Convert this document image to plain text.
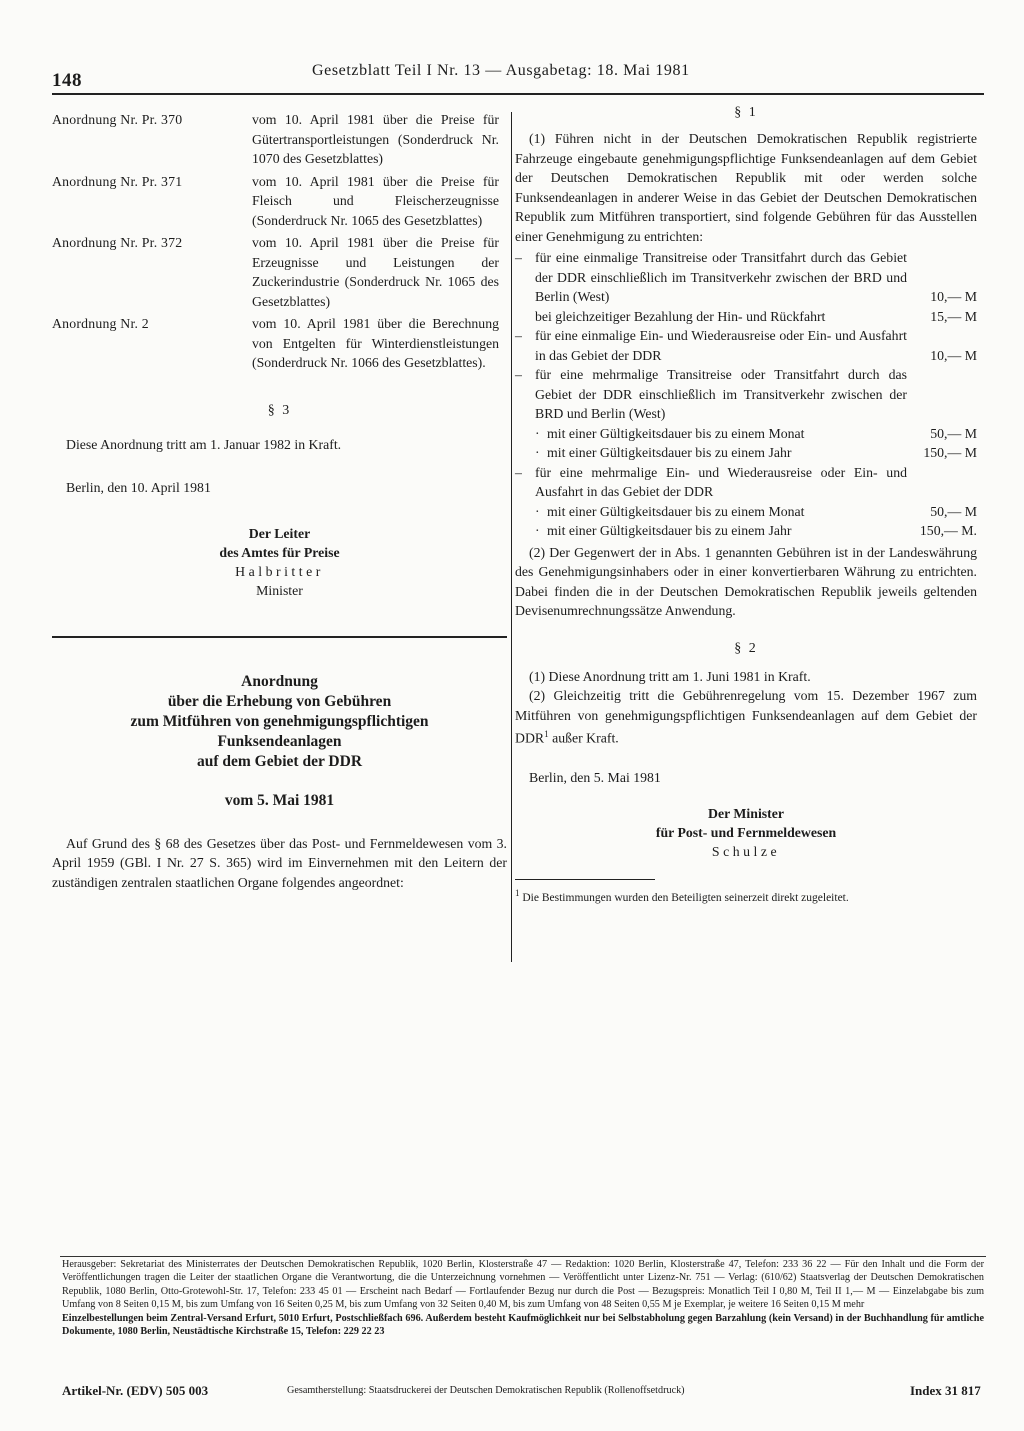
148	Gesetzblatt Teil I Nr. 13 — Ausgabetag: 18. Mai 1981
Anordnung Nr. Pr. 370	vom 10. April 1981 über die Preise für Gütertransportleistungen (Sonderdruck Nr. 1070 des Gesetzblattes)
Anordnung Nr. Pr. 371	vom 10. April 1981 über die Preise für Fleisch und Fleischerzeugnisse (Sonderdruck Nr. 1065 des Gesetzblattes)
Anordnung Nr. Pr. 372	vom 10. April 1981 über die Preise für Erzeugnisse und Leistungen der Zuckerindustrie (Sonderdruck Nr. 1065 des Gesetzblattes)
Anordnung Nr. 2	vom 10. April 1981 über die Berechnung von Entgelten für Winterdienstleistungen (Sonderdruck Nr. 1066 des Gesetzblattes).
§ 3
Diese Anordnung tritt am 1. Januar 1982 in Kraft.
Berlin, den 10. April 1981
Der Leiter
des Amtes für Preise
Halbritter
Minister
Anordnung
über die Erhebung von Gebühren
zum Mitführen von genehmigungspflichtigen
Funksendeanlagen
auf dem Gebiet der DDR
vom 5. Mai 1981
Auf Grund des § 68 des Gesetzes über das Post- und Fernmeldewesen vom 3. April 1959 (GBl. I Nr. 27 S. 365) wird im Einvernehmen mit den Leitern der zuständigen zentralen staatlichen Organe folgendes angeordnet:
§ 1
(1) Führen nicht in der Deutschen Demokratischen Republik registrierte Fahrzeuge eingebaute genehmigungspflichtige Funksendeanlagen auf dem Gebiet der Deutschen Demokratischen Republik mit oder werden solche Funksendeanlagen in anderer Weise in das Gebiet der Deutschen Demokratischen Republik zum Mitführen transportiert, sind folgende Gebühren für das Ausstellen einer Genehmigung zu entrichten:
– für eine einmalige Transitreise oder Transitfahrt durch das Gebiet der DDR einschließlich im Transitverkehr zwischen der BRD und Berlin (West)	10,— M
bei gleichzeitiger Bezahlung der Hin- und Rückfahrt	15,— M
– für eine einmalige Ein- und Wiederausreise oder Ein- und Ausfahrt in das Gebiet der DDR	10,— M
– für eine mehrmalige Transitreise oder Transitfahrt durch das Gebiet der DDR einschließlich im Transitverkehr zwischen der BRD und Berlin (West)
· mit einer Gültigkeitsdauer bis zu einem Monat	50,— M
· mit einer Gültigkeitsdauer bis zu einem Jahr	150,— M
– für eine mehrmalige Ein- und Wiederausreise oder Ein- und Ausfahrt in das Gebiet der DDR
· mit einer Gültigkeitsdauer bis zu einem Monat	50,— M
· mit einer Gültigkeitsdauer bis zu einem Jahr	150,— M.
(2) Der Gegenwert der in Abs. 1 genannten Gebühren ist in der Landeswährung des Genehmigungsinhabers oder in einer konvertierbaren Währung zu entrichten. Dabei finden die in der Deutschen Demokratischen Republik jeweils geltenden Devisenumrechnungssätze Anwendung.
§ 2
(1) Diese Anordnung tritt am 1. Juni 1981 in Kraft.
(2) Gleichzeitig tritt die Gebührenregelung vom 15. Dezember 1967 zum Mitführen von genehmigungspflichtigen Funksendeanlagen auf dem Gebiet der DDR$^1$ außer Kraft.
Berlin, den 5. Mai 1981
Der Minister
für Post- und Fernmeldewesen
Schulze
$^1$ Die Bestimmungen wurden den Beteiligten seinerzeit direkt zugeleitet.
Herausgeber: Sekretariat des Ministerrates der Deutschen Demokratischen Republik, 1020 Berlin, Klosterstraße 47 — Redaktion: 1020 Berlin, Klosterstraße 47, Telefon: 233 36 22 — Für den Inhalt und die Form der Veröffentlichungen tragen die Leiter der staatlichen Organe die Verantwortung, die die Unterzeichnung vornehmen — Veröffentlicht unter Lizenz-Nr. 751 — Verlag: (610/62) Staatsverlag der Deutschen Demokratischen Republik, 1080 Berlin, Otto-Grotewohl-Str. 17, Telefon: 233 45 01 — Erscheint nach Bedarf — Fortlaufender Bezug nur durch die Post — Bezugspreis: Monatlich Teil I 0,80 M, Teil II 1,— M — Einzelabgabe bis zum Umfang von 8 Seiten 0,15 M, bis zum Umfang von 16 Seiten 0,25 M, bis zum Umfang von 32 Seiten 0,40 M, bis zum Umfang von 48 Seiten 0,55 M je Exemplar, je weitere 16 Seiten 0,15 M mehr
Einzelbestellungen beim Zentral-Versand Erfurt, 5010 Erfurt, Postschließfach 696. Außerdem besteht Kaufmöglichkeit nur bei Selbstabholung gegen Barzahlung (kein Versand) in der Buchhandlung für amtliche Dokumente, 1080 Berlin, Neustädtische Kirchstraße 15, Telefon: 229 22 23
Artikel-Nr. (EDV) 505 003	Gesamtherstellung: Staatsdruckerei der Deutschen Demokratischen Republik (Rollenoffsetdruck)	Index 31 817
